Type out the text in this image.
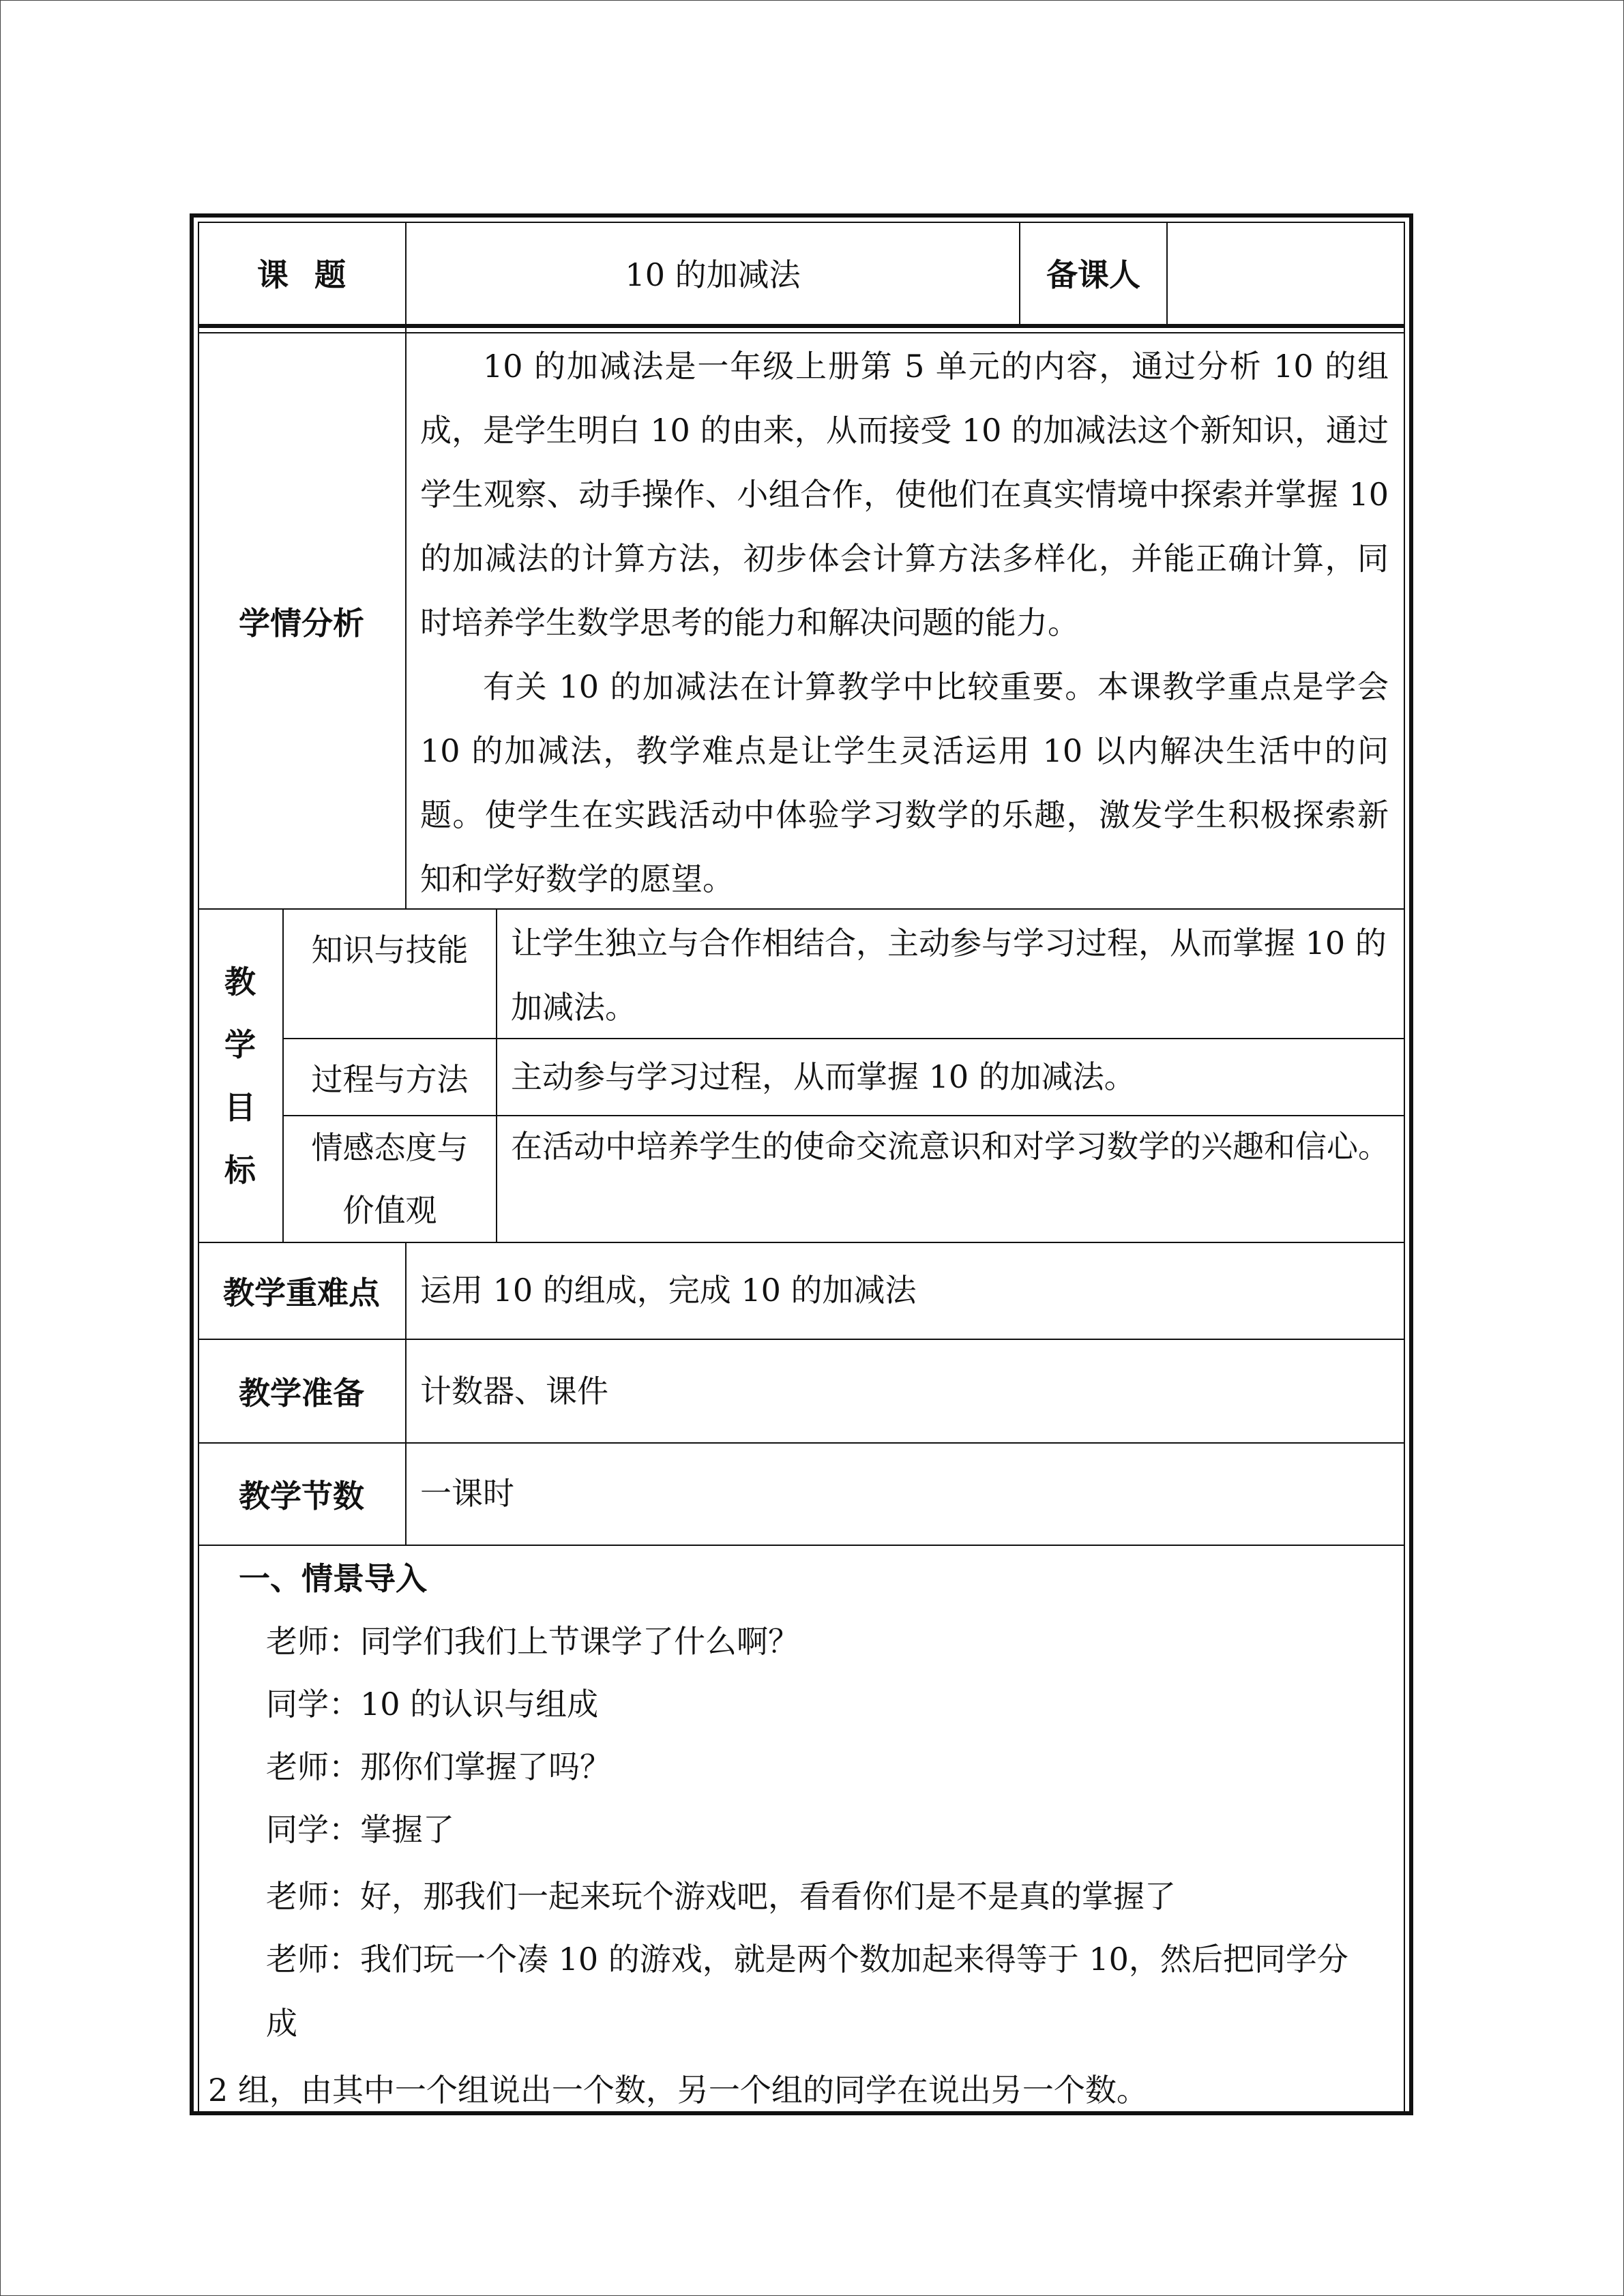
课 题	10 的加减法	备课人
学情分析

10 的加减法是一年级上册第 5 单元的内容，通过分析 10 的组成，是学生明白 10 的由来，从而接受 10 的加减法这个新知识，通过学生观察、动手操作、小组合作，使他们在真实情境中探索并掌握 10 的加减法的计算方法，初步体会计算方法多样化，并能正确计算，同时培养学生数学思考的能力和解决问题的能力。

有关 10 的加减法在计算教学中比较重要。本课教学重点是学会 10 的加减法，教学难点是让学生灵活运用 10 以内解决生活中的问题。使学生在实践活动中体验学习数学的乐趣，激发学生积极探索新知和学好数学的愿望。

教
学
目
标
知识与技能 让学生独立与合作相结合，主动参与学习过程，从而掌握 10 的加减法。
过程与方法 主动参与学习过程，从而掌握 10 的加减法。
情感态度与
价值观
在活动中培养学生的使命交流意识和对学习数学的兴趣和信心。
教学重难点 运用 10 的组成，完成 10 的加减法
教学准备 计数器、课件
教学节数 一课时
一、情景导入
老师：同学们我们上节课学了什么啊？
同学：10 的认识与组成
老师：那你们掌握了吗？
同学：掌握了
老师：好，那我们一起来玩个游戏吧，看看你们是不是真的掌握了
老师：我们玩一个凑 10 的游戏，就是两个数加起来得等于 10，然后把同学分成
2 组，由其中一个组说出一个数，另一个组的同学在说出另一个数。
